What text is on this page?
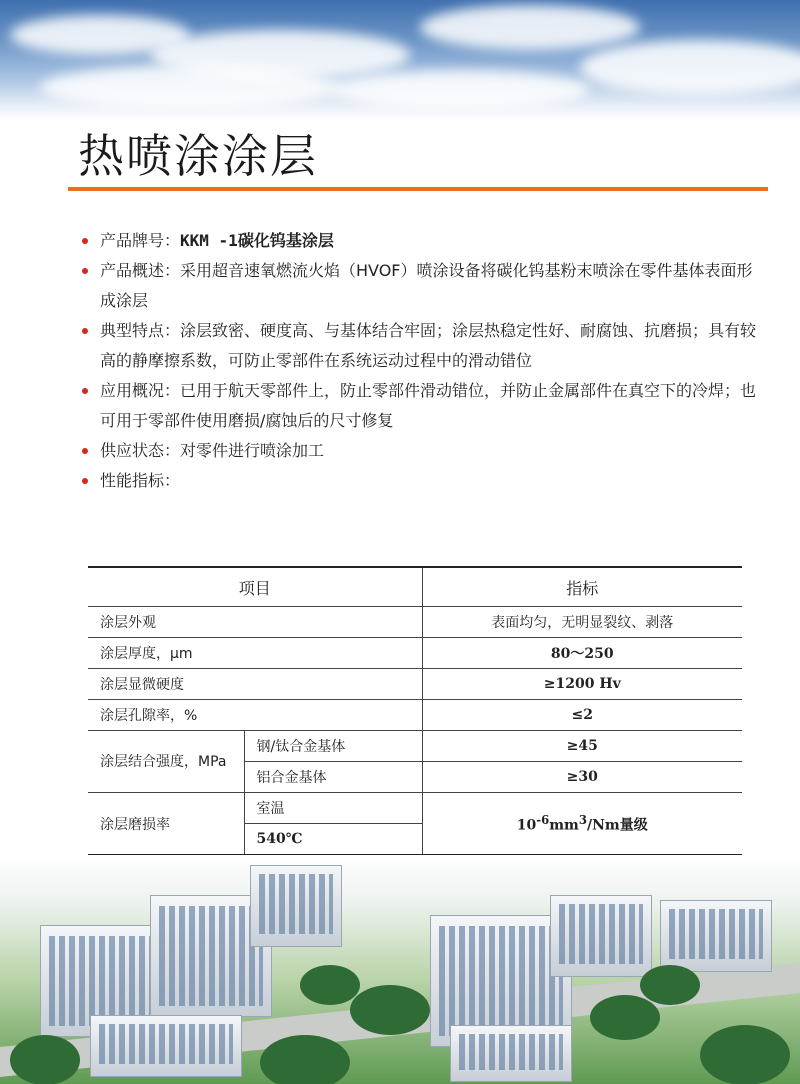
热喷涂涂层
产品牌号：KKM -1碳化钨基涂层
产品概述：采用超音速氧燃流火焰（HVOF）喷涂设备将碳化钨基粉末喷涂在零件基体表面形成涂层
典型特点：涂层致密、硬度高、与基体结合牢固；涂层热稳定性好、耐腐蚀、抗磨损；具有较高的静摩擦系数，可防止零部件在系统运动过程中的滑动错位
应用概况：已用于航天零部件上，防止零部件滑动错位，并防止金属部件在真空下的冷焊；也可用于零部件使用磨损/腐蚀后的尺寸修复
供应状态：对零件进行喷涂加工
性能指标：
项目		指标
涂层外观		表面均匀，无明显裂纹、剥落
涂层厚度，μm		80～250
涂层显微硬度		≥1200 Hv
涂层孔隙率，%		≤2
涂层结合强度，MPa	钢/钛合金基体	≥45
	铝合金基体	≥30
涂层磨损率	室温	$10^{-6}mm^3/Nm$量级
	540℃	
